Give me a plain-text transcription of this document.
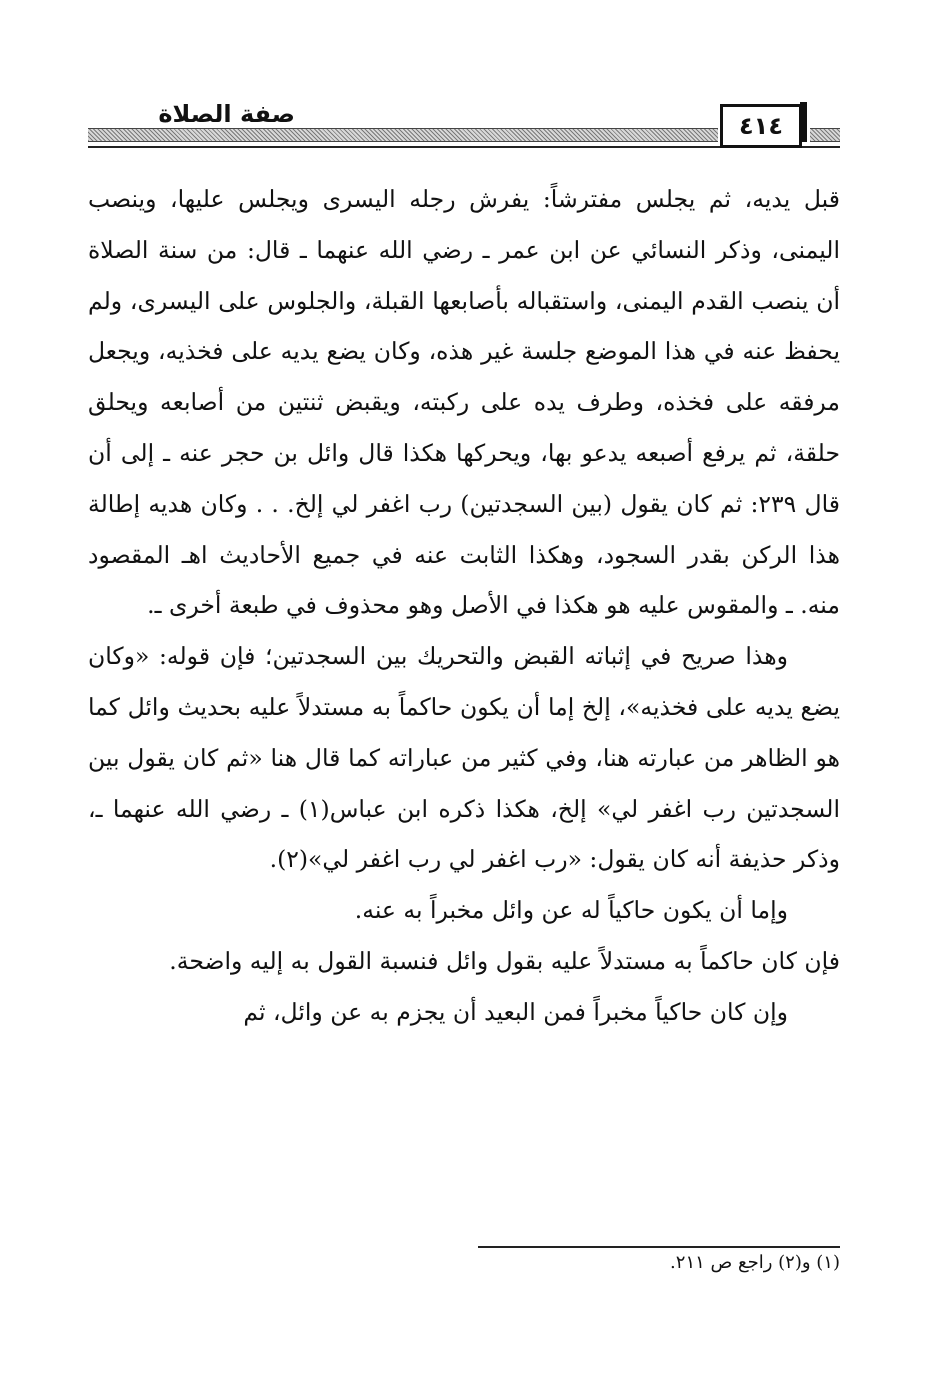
صفة الصلاة	٤١٤

قبل يديه، ثم يجلس مفترشاً: يفرش رجله اليسرى ويجلس عليها، وينصب اليمنى، وذكر النسائي عن ابن عمر ـ رضي الله عنهما ـ قال: من سنة الصلاة أن ينصب القدم اليمنى، واستقباله بأصابعها القبلة، والجلوس على اليسرى، ولم يحفظ عنه في هذا الموضع جلسة غير هذه، وكان يضع يديه على فخذيه، ويجعل مرفقه على فخذه، وطرف يده على ركبته، ويقبض ثنتين من أصابعه ويحلق حلقة، ثم يرفع أصبعه يدعو بها، ويحركها هكذا قال وائل بن حجر عنه ـ إلى أن قال ٢٣٩: ثم كان يقول (بين السجدتين) رب اغفر لي إلخ. . . وكان هديه إطالة هذا الركن بقدر السجود، وهكذا الثابت عنه في جميع الأحاديث اهـ المقصود منه. ـ والمقوس عليه هو هكذا في الأصل وهو محذوف في طبعة أخرى ـ.

وهذا صريح في إثباته القبض والتحريك بين السجدتين؛ فإن قوله: «وكان يضع يديه على فخذيه»، إلخ إما أن يكون حاكماً به مستدلاً عليه بحديث وائل كما هو الظاهر من عبارته هنا، وفي كثير من عباراته كما قال هنا «ثم كان يقول بين السجدتين رب اغفر لي» إلخ، هكذا ذكره ابن عباس(١) ـ رضي الله عنهما ـ، وذكر حذيفة أنه كان يقول: «رب اغفر لي رب اغفر لي»(٢).

وإما أن يكون حاكياً له عن وائل مخبراً به عنه.

فإن كان حاكماً به مستدلاً عليه بقول وائل فنسبة القول به إليه واضحة.

وإن كان حاكياً مخبراً فمن البعيد أن يجزم به عن وائل، ثم

(١) و(٢) راجع ص ٢١١.
